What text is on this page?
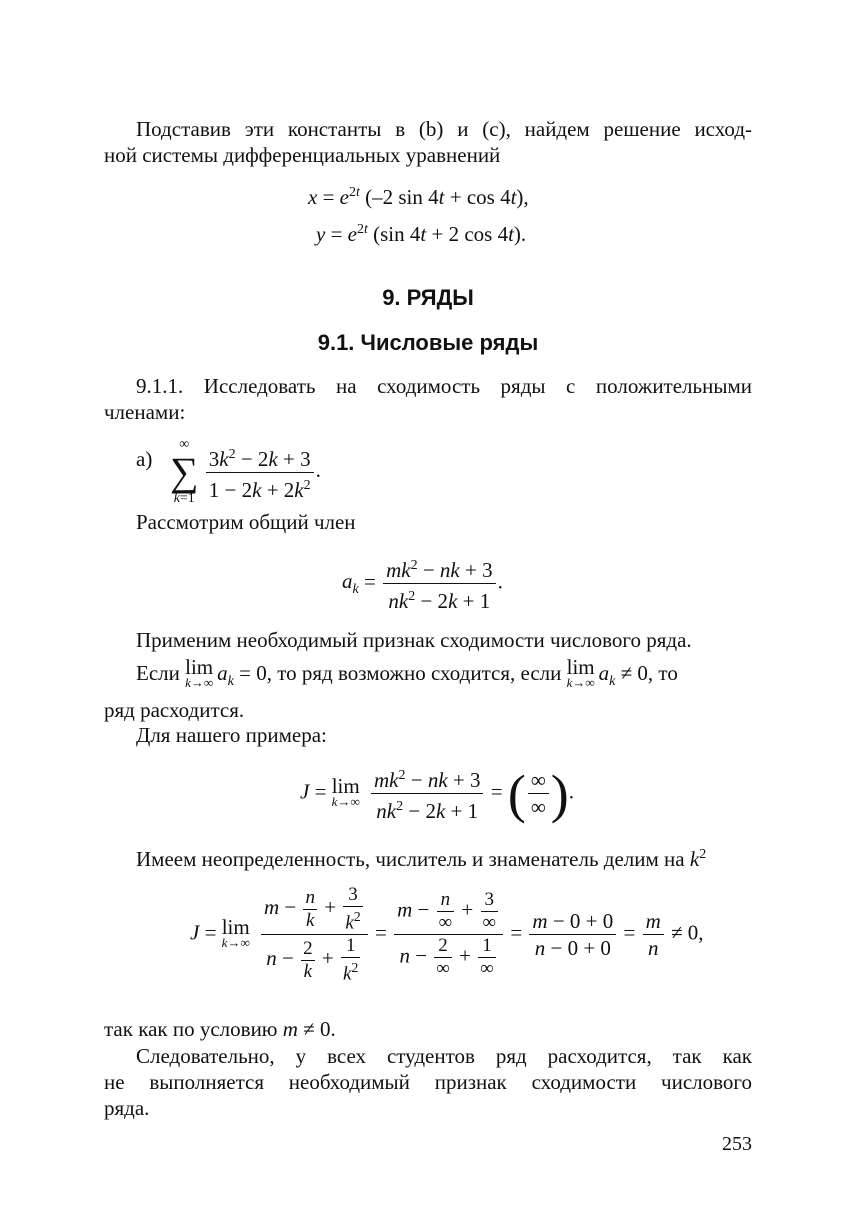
Подставив эти константы в (b) и (c), найдем решение исход-
ной системы дифференциальных уравнений
$x = e^{2t}$ (–2 sin 4t + cos 4t),
$y = e^{2t}$ (sin 4t + 2 cos 4t).
9. РЯДЫ
9.1. Числовые ряды
9.1.1. Исследовать на сходимость ряды с положительными
членами:
а)
∞
∑
k=1
$\frac{3k^2 - 2k + 3}{1 - 2k + 2k^2}$ .
Рассмотрим общий член
$a_k = \frac{mk^2 - nk + 3}{nk^2 - 2k + 1}$ .
Применим необходимый признак сходимости числового ряда.
Если lim
k→∞ $a_k = 0$, то ряд возможно сходится, если lim
k→∞ $a_k \ne 0$, то
ряд расходится.
Для нашего примера:
J = lim
k→∞
$\frac{mk^2 - nk + 3}{nk^2 - 2k + 1}$ = ( $\frac{\infty}{\infty}$ ).
Имеем неопределенность, числитель и знаменатель делим на $k^2$
J = lim
k→∞
$\frac{m - \frac{n}{k} + \frac{3}{k^2}}{n - \frac{2}{k} + \frac{1}{k^2}} = \frac{m - \frac{n}{\infty} + \frac{3}{\infty}}{n - \frac{2}{\infty} + \frac{1}{\infty}} = \frac{m - 0 + 0}{n - 0 + 0} = \frac{m}{n} \ne 0$,
так как по условию m ≠ 0.
Следовательно, у всех студентов ряд расходится, так как
не выполняется необходимый признак сходимости числового
ряда.
253
